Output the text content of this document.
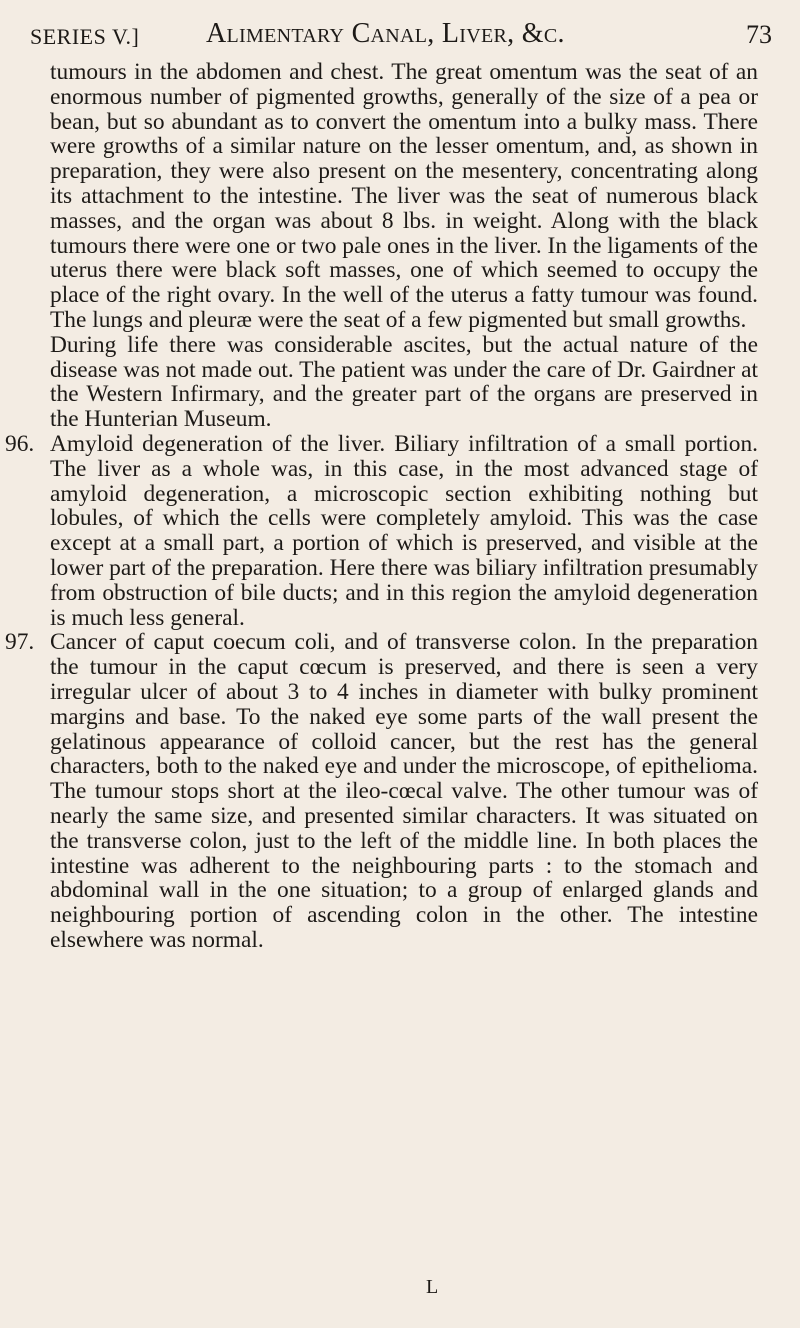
SERIES V.] Alimentary Canal, Liver, &c.	73

tumours in the abdomen and chest. The great omentum was the seat of an enormous number of pigmented growths, generally of the size of a pea or bean, but so abundant as to convert the omentum into a bulky mass. There were growths of a similar nature on the lesser omentum, and, as shown in preparation, they were also present on the mesentery, concentrating along its attachment to the intestine. The liver was the seat of numerous black masses, and the organ was about 8 lbs. in weight. Along with the black tumours there were one or two pale ones in the liver. In the ligaments of the uterus there were black soft masses, one of which seemed to occupy the place of the right ovary. In the well of the uterus a fatty tumour was found. The lungs and pleuræ were the seat of a few pigmented but small growths.

During life there was considerable ascites, but the actual nature of the disease was not made out. The patient was under the care of Dr. Gairdner at the Western Infirmary, and the greater part of the organs are preserved in the Hunterian Museum.

96. Amyloid degeneration of the liver. Biliary infiltration of a small portion. The liver as a whole was, in this case, in the most advanced stage of amyloid degeneration, a microscopic section exhibiting nothing but lobules, of which the cells were completely amyloid. This was the case except at a small part, a portion of which is preserved, and visible at the lower part of the preparation. Here there was biliary infiltration presumably from obstruction of bile ducts; and in this region the amyloid degeneration is much less general.

97. Cancer of caput coecum coli, and of transverse colon. In the preparation the tumour in the caput cœcum is preserved, and there is seen a very irregular ulcer of about 3 to 4 inches in diameter with bulky prominent margins and base. To the naked eye some parts of the wall present the gelatinous appearance of colloid cancer, but the rest has the general characters, both to the naked eye and under the microscope, of epithelioma. The tumour stops short at the ileo-cœcal valve. The other tumour was of nearly the same size, and presented similar characters. It was situated on the transverse colon, just to the left of the middle line. In both places the intestine was adherent to the neighbouring parts : to the stomach and abdominal wall in the one situation; to a group of enlarged glands and neighbouring portion of ascending colon in the other. The intestine elsewhere was normal.

L
